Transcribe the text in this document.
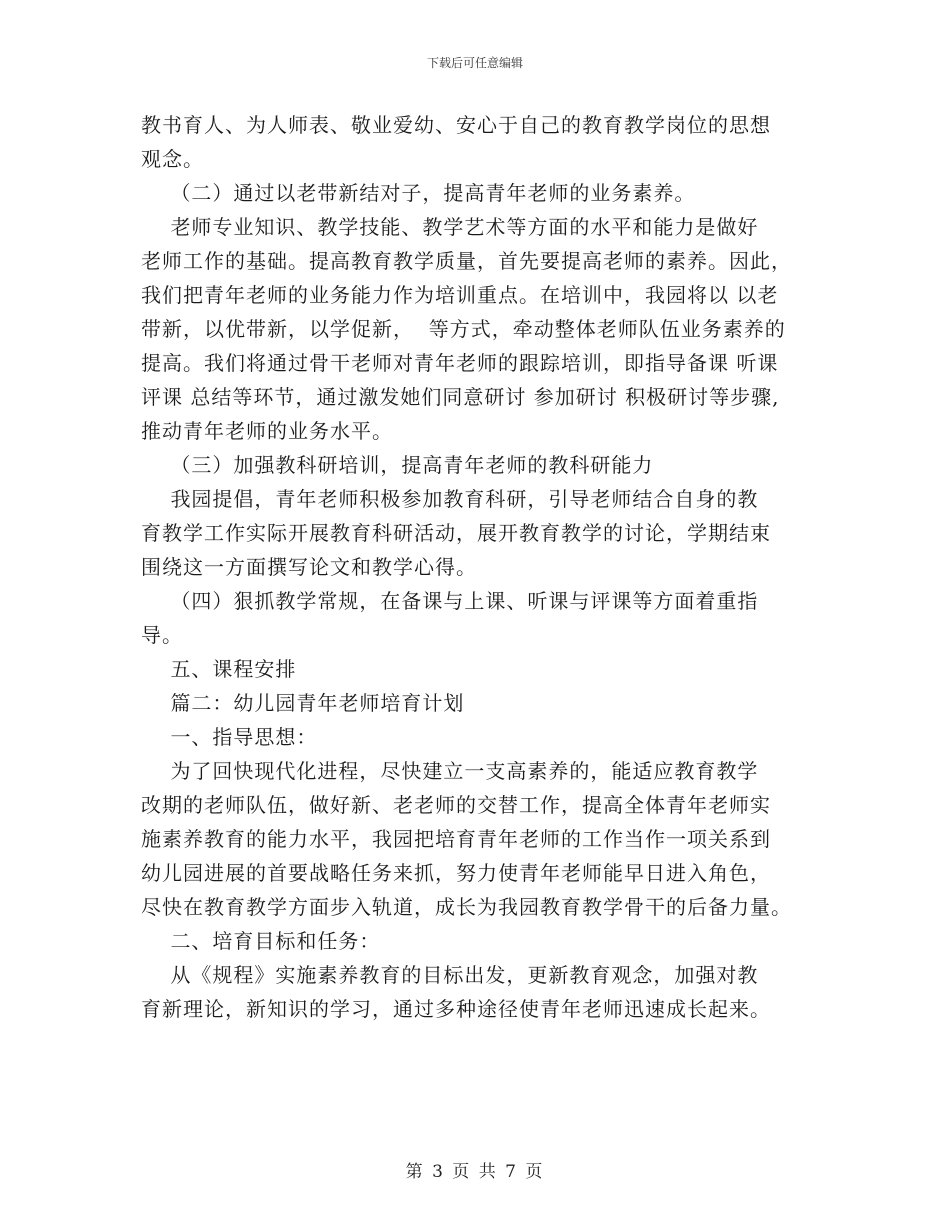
下载后可任意编辑

教书育人、为人师表、敬业爱幼、安心于自己的教育教学岗位的思想

观念。

（二）通过以老带新结对子，提高青年老师的业务素养。

老师专业知识、教学技能、教学艺术等方面的水平和能力是做好

老师工作的基础。提高教育教学质量，首先要提高老师的素养。因此，

我们把青年老师的业务能力作为培训重点。在培训中，我园将以 以老

带新，以优带新，以学促新，  等方式，牵动整体老师队伍业务素养的

提高。我们将通过骨干老师对青年老师的跟踪培训，即指导备课 听课

评课 总结等环节，通过激发她们同意研讨 参加研讨 积极研讨等步骤,

推动青年老师的业务水平。

（三）加强教科研培训，提高青年老师的教科研能力

我园提倡，青年老师积极参加教育科研，引导老师结合自身的教

育教学工作实际开展教育科研活动，展开教育教学的讨论，学期结束

围绕这一方面撰写论文和教学心得。

（四）狠抓教学常规，在备课与上课、听课与评课等方面着重指

导。

五、课程安排

篇二：幼儿园青年老师培育计划

一、指导思想：

为了回快现代化进程，尽快建立一支高素养的，能适应教育教学

改期的老师队伍，做好新、老老师的交替工作，提高全体青年老师实

施素养教育的能力水平，我园把培育青年老师的工作当作一项关系到

幼儿园进展的首要战略任务来抓，努力使青年老师能早日进入角色，

尽快在教育教学方面步入轨道，成长为我园教育教学骨干的后备力量。

二、培育目标和任务：

从《规程》实施素养教育的目标出发，更新教育观念，加强对教

育新理论，新知识的学习，通过多种途径使青年老师迅速成长起来。

第 3 页 共 7 页
